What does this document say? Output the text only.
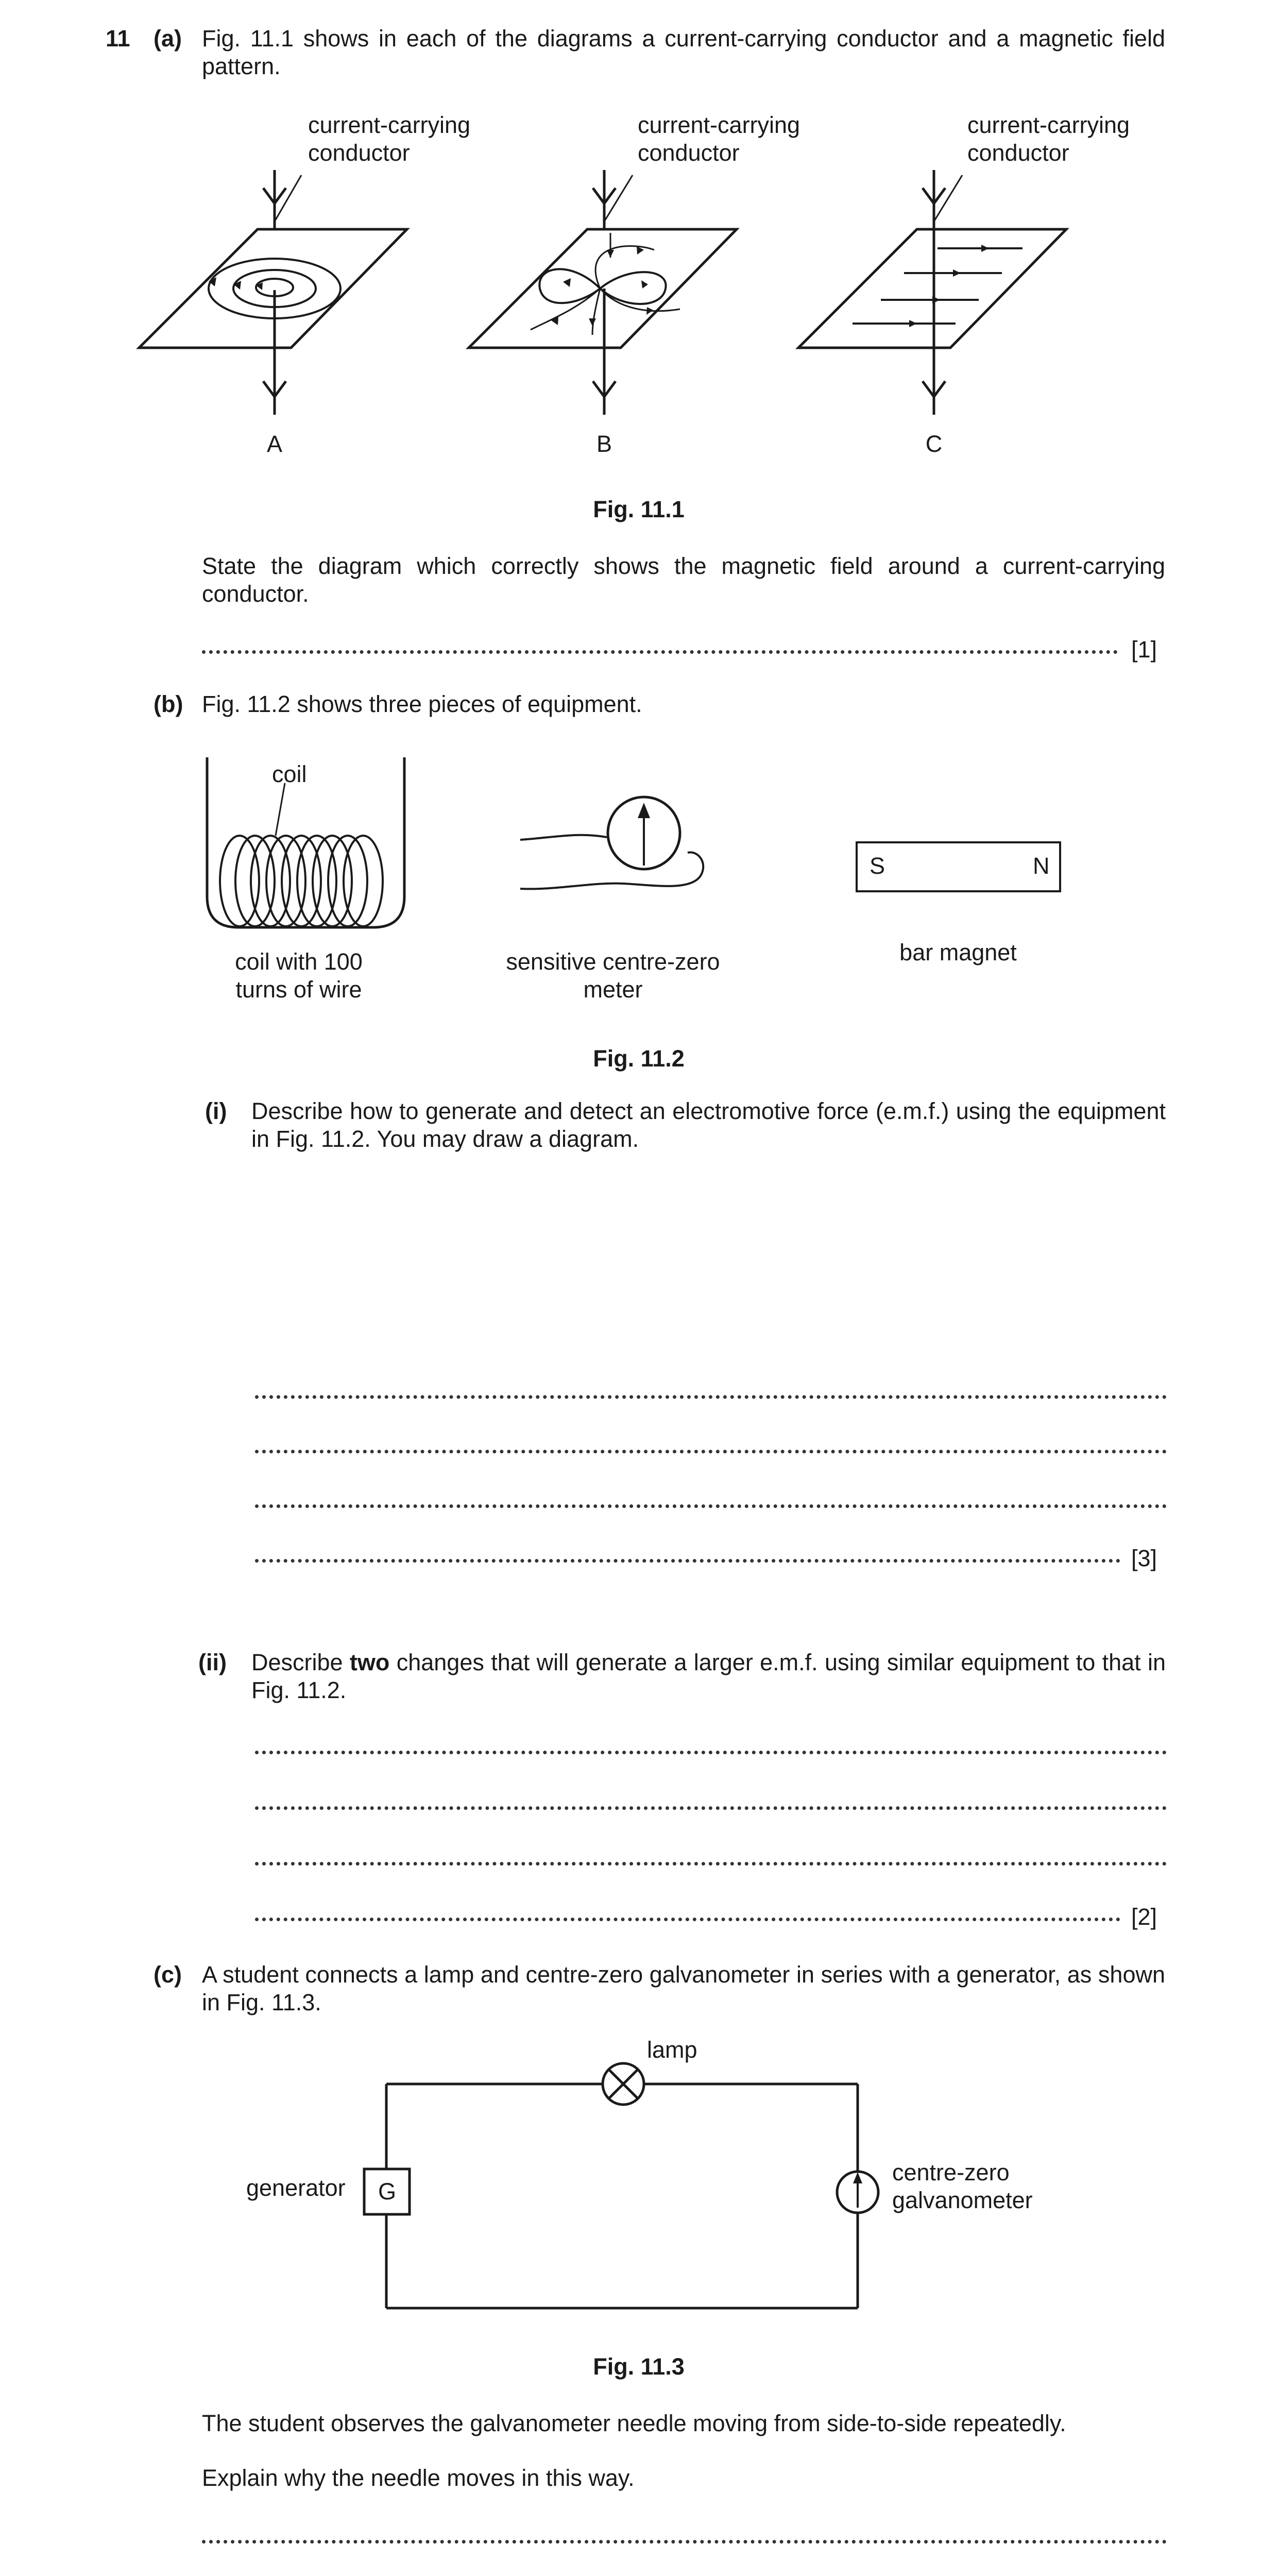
11 (a) Fig. 11.1 shows in each of the diagrams a current-carrying conductor and a magnetic field pattern.
current-carrying
conductor
current-carrying
conductor
current-carrying
conductor
A	B	C
Fig. 11.1
State the diagram which correctly shows the magnetic field around a current-carrying conductor.
[1]
(b) Fig. 11.2 shows three pieces of equipment.
coil
S	N
coil with 100
turns of wire
sensitive centre-zero
meter
bar magnet
Fig. 11.2
(i) Describe how to generate and detect an electromotive force (e.m.f.) using the equipment in Fig. 11.2. You may draw a diagram.
[3]
(ii) Describe two changes that will generate a larger e.m.f. using similar equipment to that in Fig. 11.2.
[2]
(c) A student connects a lamp and centre-zero galvanometer in series with a generator, as shown in Fig. 11.3.
lamp
generator G
centre-zero
galvanometer
Fig. 11.3
The student observes the galvanometer needle moving from side-to-side repeatedly.
Explain why the needle moves in this way.
